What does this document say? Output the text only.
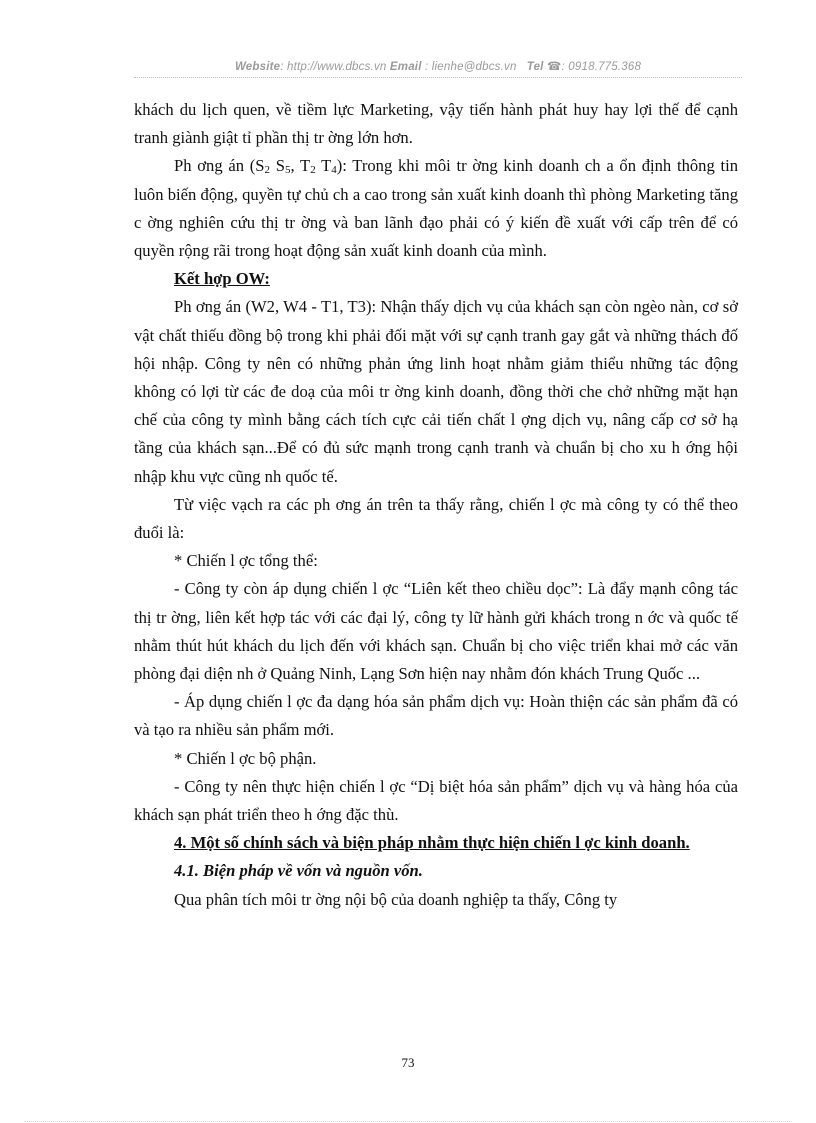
Website: http://www.dbcs.vn Email : lienhe@dbcs.vn Tel ☎: 0918.775.368

khách du lịch quen, về tiềm lực Marketing, vậy tiến hành phát huy hay lợi thế để cạnh tranh giành giật tỉ phần thị tr ờng lớn hơn.

Ph ơng án ($S_2$ $S_5$, $T_2$ $T_4$): Trong khi môi tr ờng kinh doanh ch a ổn định thông tin luôn biến động, quyền tự chủ ch a cao trong sản xuất kinh doanh thì phòng Marketing tăng c ờng nghiên cứu thị tr ờng và ban lãnh đạo phải có ý kiến đề xuất với cấp trên để có quyền rộng rãi trong hoạt động sản xuất kinh doanh của mình.

Kết hợp OW:

Ph ơng án (W2, W4 - T1, T3): Nhận thấy dịch vụ của khách sạn còn ngèo nàn, cơ sở vật chất thiếu đồng bộ trong khi phải đối mặt với sự cạnh tranh gay gắt và những thách đố hội nhập. Công ty nên có những phản ứng linh hoạt nhằm giảm thiểu những tác động không có lợi từ các đe doạ của môi tr ờng kinh doanh, đồng thời che chở những mặt hạn chế của công ty mình bằng cách tích cực cải tiến chất l ợng dịch vụ, nâng cấp cơ sở hạ tầng của khách sạn...Để có đủ sức mạnh trong cạnh tranh và chuẩn bị cho xu h ớng hội nhập khu vực cũng nh quốc tế.

Từ việc vạch ra các ph ơng án trên ta thấy rằng, chiến l ợc mà công ty có thể theo đuổi là:

* Chiến l ợc tổng thể:

- Công ty còn áp dụng chiến l ợc “Liên kết theo chiều dọc”: Là đẩy mạnh công tác thị tr ờng, liên kết hợp tác với các đại lý, công ty lữ hành gửi khách trong n ớc và quốc tế nhằm thút hút khách du lịch đến với khách sạn. Chuẩn bị cho việc triển khai mở các văn phòng đại diện nh ở Quảng Ninh, Lạng Sơn hiện nay nhằm đón khách Trung Quốc ...

- Áp dụng chiến l ợc đa dạng hóa sản phẩm dịch vụ: Hoàn thiện các sản phẩm đã có và tạo ra nhiều sản phẩm mới.

* Chiến l ợc bộ phận.

- Công ty nên thực hiện chiến l ợc “Dị biệt hóa sản phẩm” dịch vụ và hàng hóa của khách sạn phát triển theo h ớng đặc thù.

4. Một số chính sách và biện pháp nhằm thực hiện chiến l ợc kinh doanh.

4.1. Biện pháp về vốn và nguồn vốn.

Qua phân tích môi tr ờng nội bộ của doanh nghiệp ta thấy, Công ty

73
